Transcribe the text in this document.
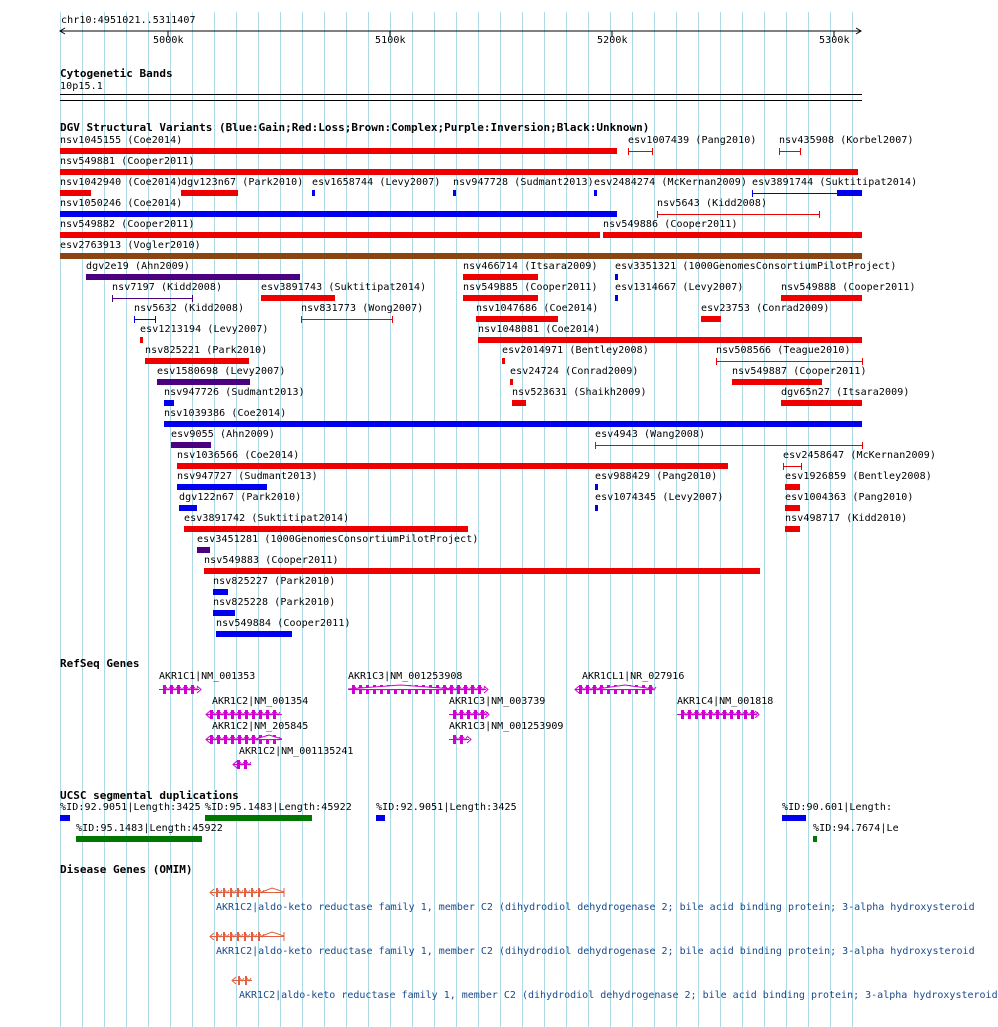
chr10:4951021..5311407
5000k	5100k	5200k	5300k
Cytogenetic Bands
10p15.1
DGV Structural Variants (Blue:Gain;Red:Loss;Brown:Complex;Purple:Inversion;Black:Unknown)
nsv1045155 (Coe2014)	esv1007439 (Pang2010) nsv435908 (Korbel2007)
nsv549881 (Cooper2011)
nsv1042940 (Coe2014)
dgv123n67 (Park2010) esv1658744 (Levy2007) nsv947728 (Sudmant2013) esv2484274 (McKernan2009) esv3891744 (Suktitipat2014)
nsv1050246 (Coe2014)	nsv5643 (Kidd2008)
nsv549882 (Cooper2011)	nsv549886 (Cooper2011)
esv2763913 (Vogler2010)
dgv2e19 (Ahn2009)	nsv466714 (Itsara2009) esv3351321 (1000GenomesConsortiumPilotProject)
nsv7197 (Kidd2008)	esv3891743 (Suktitipat2014)	nsv549885 (Cooper2011) esv1314667 (Levy2007)	nsv549888 (Cooper2011)
nsv5632 (Kidd2008)	nsv831773 (Wong2007)	nsv1047686 (Coe2014)	esv23753 (Conrad2009)
esv1213194 (Levy2007)	nsv1048081 (Coe2014)
nsv825221 (Park2010)	esv2014971 (Bentley2008)	nsv508566 (Teague2010)
esv1580698 (Levy2007)	esv24724 (Conrad2009)	nsv549887 (Cooper2011)
nsv947726 (Sudmant2013)	nsv523631 (Shaikh2009)	dgv65n27 (Itsara2009)
nsv1039386 (Coe2014)
esv9055 (Ahn2009)	esv4943 (Wang2008)
nsv1036566 (Coe2014)	esv2458647 (McKernan2009)
nsv947727 (Sudmant2013)	esv988429 (Pang2010)	esv1926859 (Bentley2008)
dgv122n67 (Park2010)	esv1074345 (Levy2007)	esv1004363 (Pang2010)
esv3891742 (Suktitipat2014)	nsv498717 (Kidd2010)
esv3451281 (1000GenomesConsortiumPilotProject)
nsv549883 (Cooper2011)
nsv825227 (Park2010)
nsv825228 (Park2010)
nsv549884 (Cooper2011)
RefSeq Genes
AKR1C1|NM_001353	AKR1C3|NM_001253908	AKR1CL1|NR_027916
AKR1C2|NM_001354	AKR1C3|NM_003739	AKR1C4|NM_001818
AKR1C2|NM_205845	AKR1C3|NM_001253909
AKR1C2|NM_001135241
UCSC segmental duplications
%ID:92.9051|Length:3425
%ID:95.1483|Length:45922
%ID:92.9051|Length:3425	%ID:90.601|Length:
%ID:95.1483|Length:45922
%ID:94.7674|Le
Disease Genes (OMIM)
AKR1C2|aldo-keto reductase family 1, member C2 (dihydrodiol dehydrogenase 2; bile acid binding protein; 3-alpha hydroxysteroid
AKR1C2|aldo-keto reductase family 1, member C2 (dihydrodiol dehydrogenase 2; bile acid binding protein; 3-alpha hydroxysteroid
AKR1C2|aldo-keto reductase family 1, member C2 (dihydrodiol dehydrogenase 2; bile acid binding protein; 3-alpha hydroxysteroid
